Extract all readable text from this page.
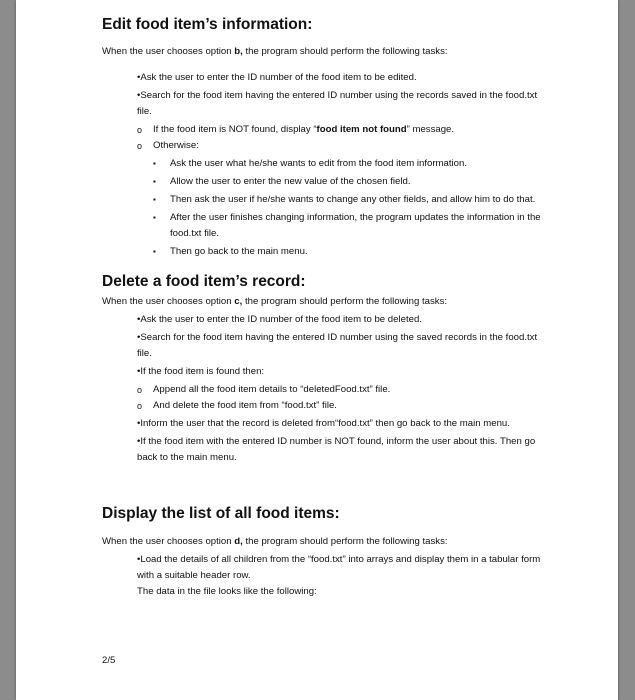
Edit food item’s information:

When the user chooses option b, the program should perform the following tasks:

•Ask the user to enter the ID number of the food item to be edited.
•Search for the food item having the entered ID number using the records saved in the food.txt file.
o If the food item is NOT found, display “food item not found” message.
o Otherwise:
▪ Ask the user what he/she wants to edit from the food item information.
▪ Allow the user to enter the new value of the chosen field.
▪ Then ask the user if he/she wants to change any other fields, and allow him to do that.
▪ After the user finishes changing information, the program updates the information in the food.txt file.
▪ Then go back to the main menu.
Delete a food item’s record:

When the user chooses option c, the program should perform the following tasks:

•Ask the user to enter the ID number of the food item to be deleted.
•Search for the food item having the entered ID number using the saved records in the food.txt file.
•If the food item is found then:
o Append all the food item details to “deletedFood.txt” file.
o And delete the food item from “food.txt” file.
•Inform the user that the record is deleted from“food.txt” then go back to the main menu.
•If the food item with the entered ID number is NOT found, inform the user about this. Then go back to the main menu.
Display the list of all food items:

When the user chooses option d, the program should perform the following tasks:

•Load the details of all children from the “food.txt” into arrays and display them in a tabular form with a suitable header row.
The data in the file looks like the following:
2/5
